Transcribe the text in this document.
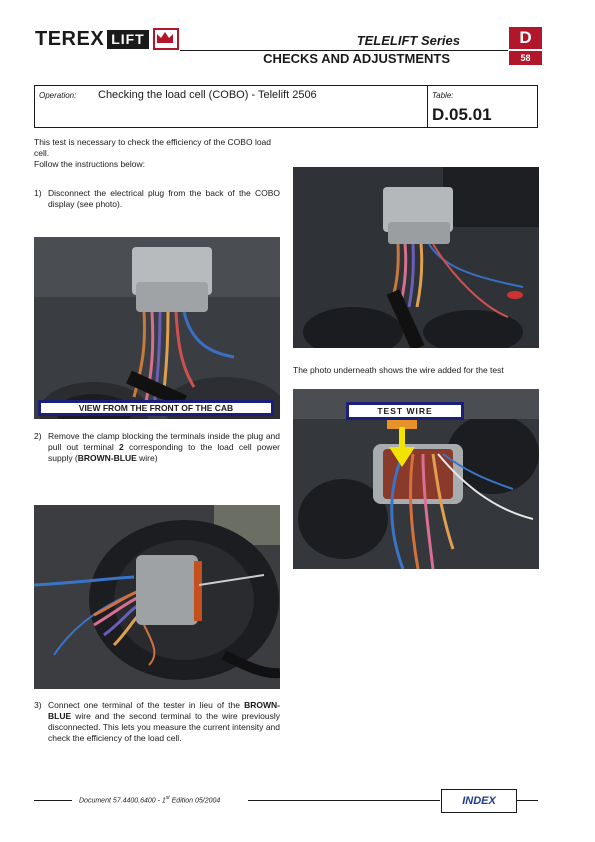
TEREX LIFT	TELELIFT Series
CHECKS AND ADJUSTMENTS
D
58
Operation: Checking the load cell (COBO) - Telelift 2506	Table:
D.05.01
This test is necessary to check the efficiency of the COBO load cell.
Follow the instructions below:
1) Disconnect the electrical plug from the back of the COBO display (see photo).
VIEW FROM THE FRONT OF THE CAB
2) Remove the clamp blocking the terminals inside the plug and pull out terminal 2 corresponding to the load cell power supply (BROWN-BLUE wire)
3) Connect one terminal of the tester in lieu of the BROWN-BLUE wire and the second terminal to the wire previously disconnected. This lets you measure the current intensity and check the efficiency of the load cell.
The photo underneath shows the wire added for the test
TEST WIRE
Document 57.4400.6400 - 1st Edition 05/2004	INDEX
